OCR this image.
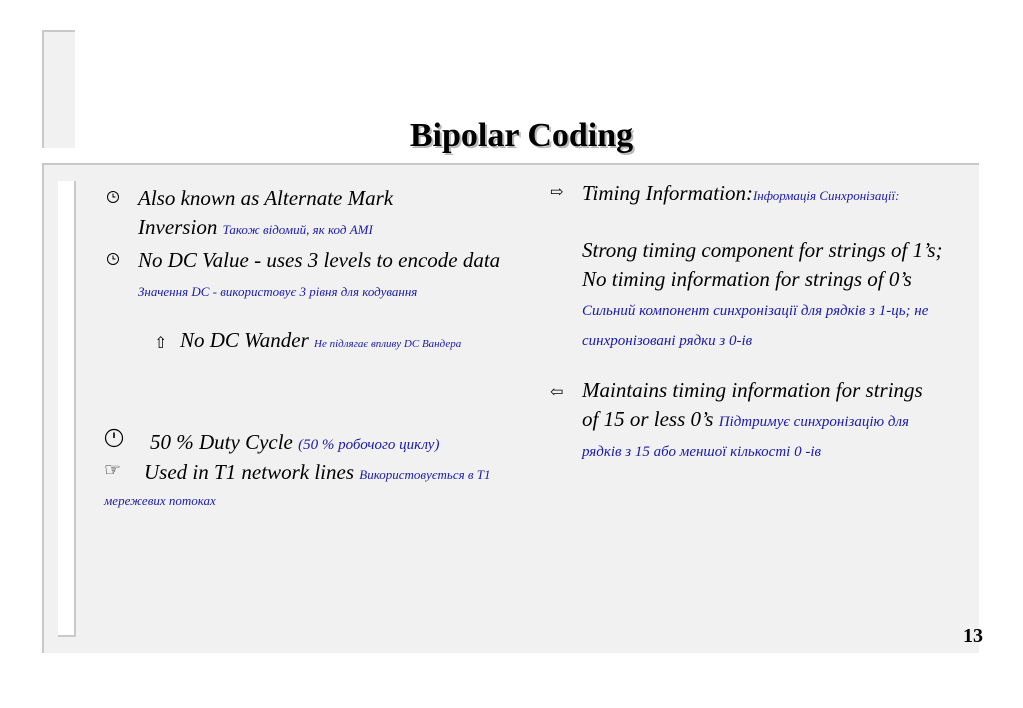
Bipolar Coding
Also known as Alternate Mark Inversion Також відомий, як код AMI
No DC Value - uses 3 levels to encode data Значення DC - використовує 3 рівня для кодування
⇧ No DC Wander Не підлягає впливу DC Вандера
50 % Duty Cycle (50 % робочого циклу)
☞	Used in T1 network lines Використовується в T1 мережевих потоках
⇨ Timing Information:Інформація Синхронізації:
Strong timing component for strings of 1’s; No timing information for strings of 0’s Сильний компонент синхронізації для рядків з 1-ць; не синхронізовані рядки з 0-ів
⇦ Maintains timing information for strings of 15 or less 0’s Підтримує синхронізацію для рядків з 15 або меншої кількості 0 -ів
13
